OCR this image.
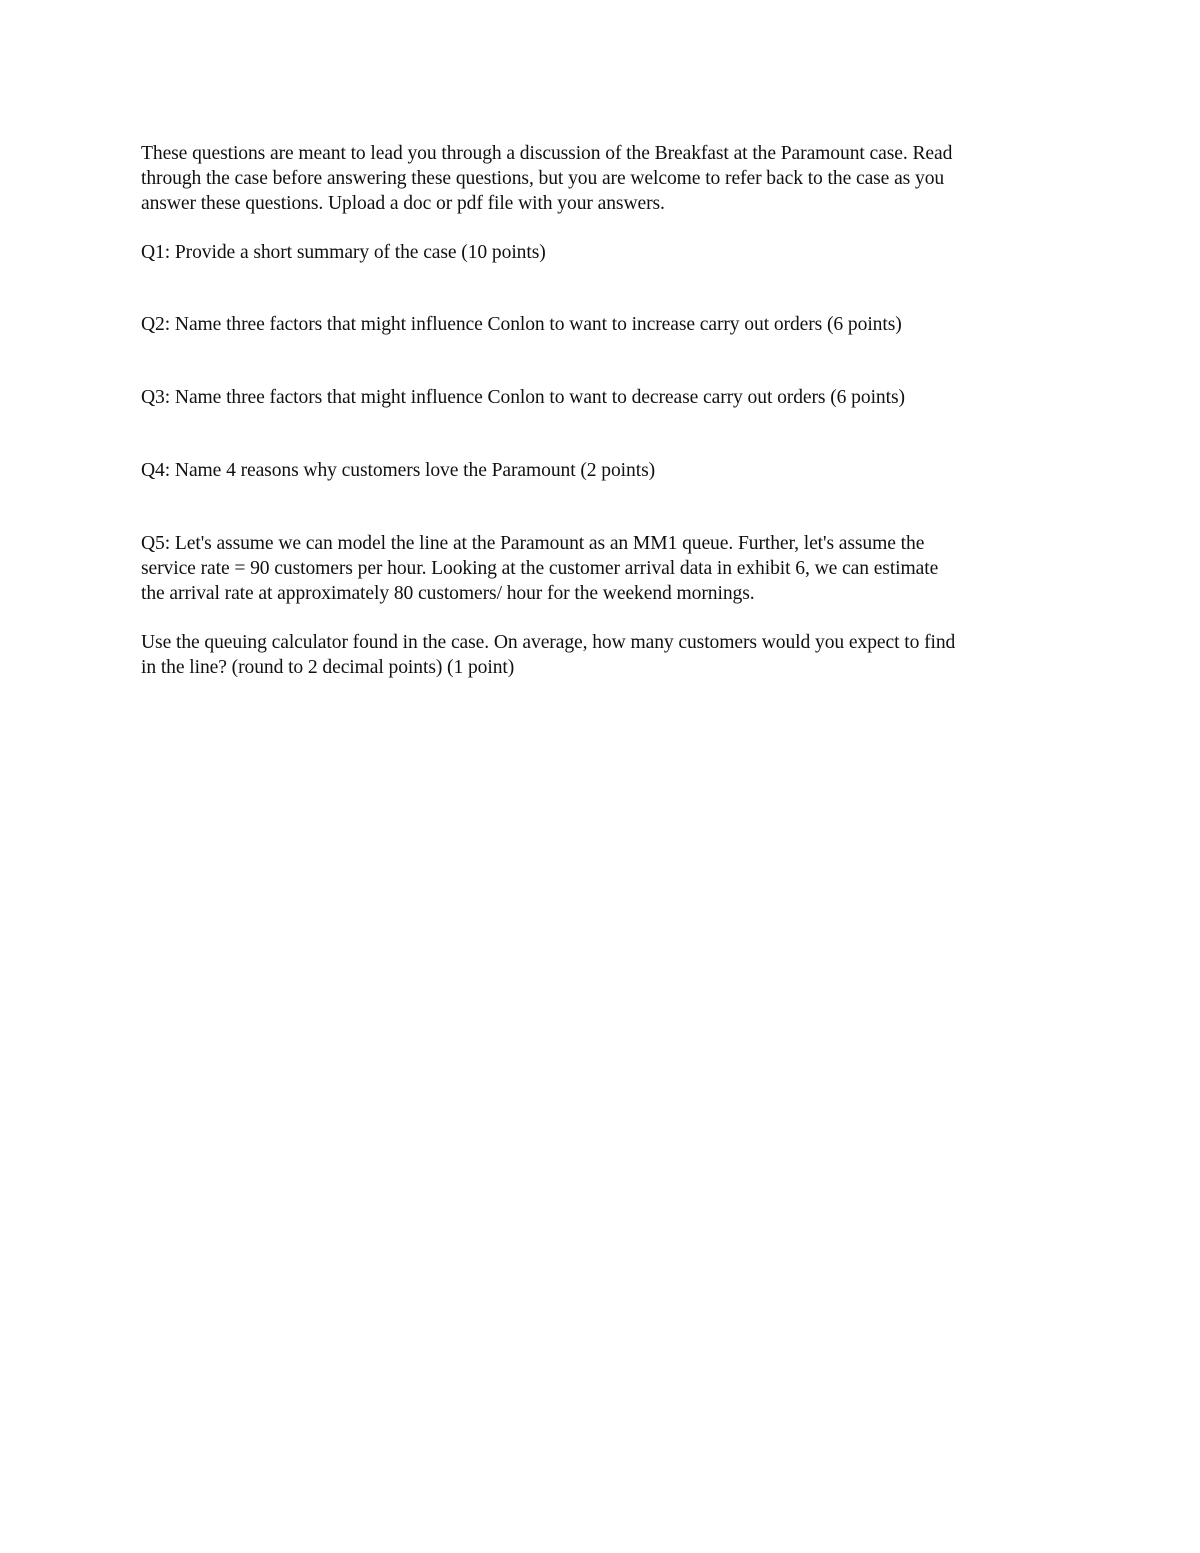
These questions are meant to lead you through a discussion of the Breakfast at the Paramount case. Read
through the case before answering these questions, but you are welcome to refer back to the case as you
answer these questions. Upload a doc or pdf file with your answers.

Q1: Provide a short summary of the case (10 points)

Q2: Name three factors that might influence Conlon to want to increase carry out orders (6 points)

Q3: Name three factors that might influence Conlon to want to decrease carry out orders (6 points)

Q4: Name 4 reasons why customers love the Paramount (2 points)

Q5: Let's assume we can model the line at the Paramount as an MM1 queue. Further, let's assume the
service rate = 90 customers per hour. Looking at the customer arrival data in exhibit 6, we can estimate
the arrival rate at approximately 80 customers/ hour for the weekend mornings.

Use the queuing calculator found in the case. On average, how many customers would you expect to find
in the line? (round to 2 decimal points) (1 point)
